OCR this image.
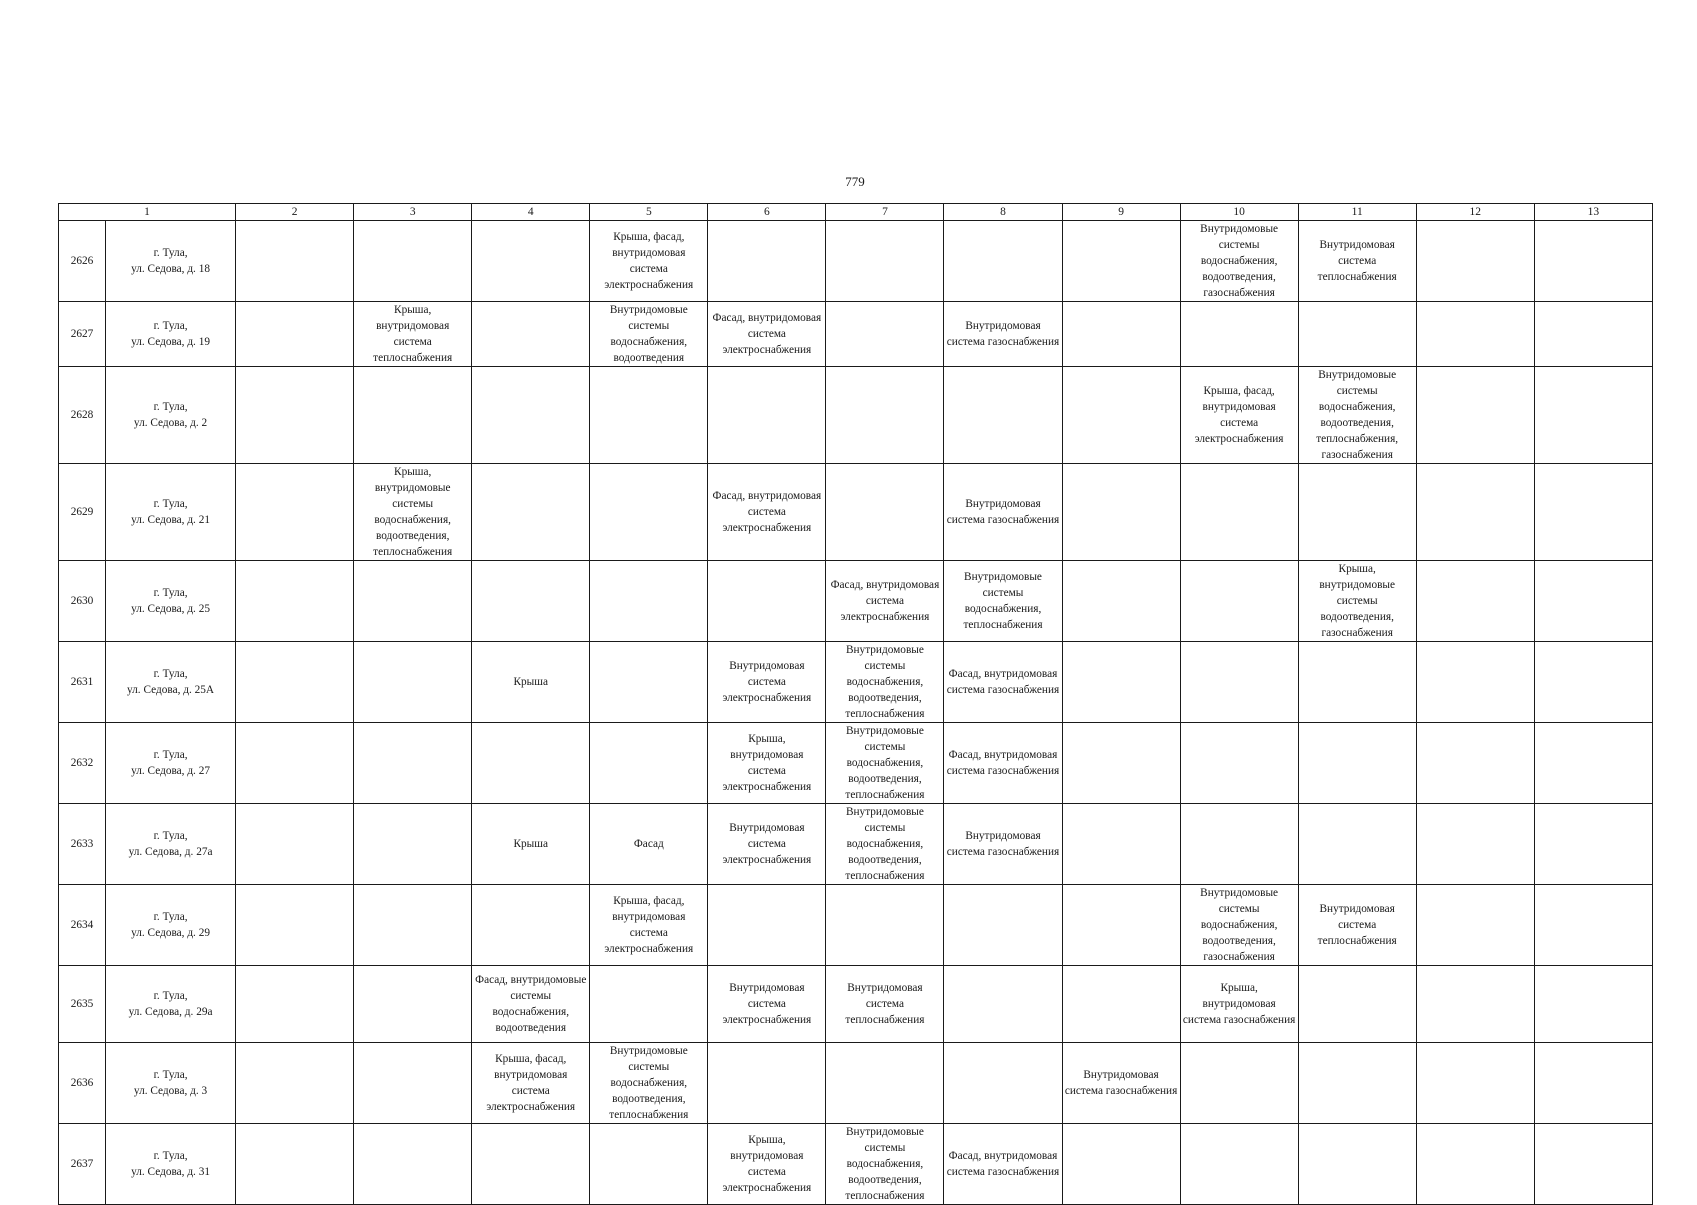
779
1		2	3	4	5	6	7	8	9	10	11	12	13
2626	г. Тула,
ул. Седова, д. 18				Крыша, фасад, внутридомовая система электроснабжения					Внутридомовые системы водоснабжения, водоотведения, газоснабжения	Внутридомовая система теплоснабжения		
2627	г. Тула,
ул. Седова, д. 19		Крыша, внутридомовая система теплоснабжения		Внутридомовые системы водоснабжения, водоотведения	Фасад, внутридомовая система электроснабжения		Внутридомовая система газоснабжения					
2628	г. Тула,
ул. Седова, д. 2									Крыша, фасад, внутридомовая система электроснабжения	Внутридомовые системы водоснабжения, водоотведения, теплоснабжения, газоснабжения		
2629	г. Тула,
ул. Седова, д. 21		Крыша, внутридомовые системы водоснабжения, водоотведения, теплоснабжения			Фасад, внутридомовая система электроснабжения		Внутридомовая система газоснабжения					
2630	г. Тула,
ул. Седова, д. 25						Фасад, внутридомовая система электроснабжения	Внутридомовые системы водоснабжения, теплоснабжения			Крыша, внутридомовые системы водоотведения, газоснабжения		
2631	г. Тула,
ул. Седова, д. 25А			Крыша		Внутридомовая система электроснабжения	Внутридомовые системы водоснабжения, водоотведения, теплоснабжения	Фасад, внутридомовая система газоснабжения					
2632	г. Тула,
ул. Седова, д. 27					Крыша, внутридомовая система электроснабжения	Внутридомовые системы водоснабжения, водоотведения, теплоснабжения	Фасад, внутридомовая система газоснабжения					
2633	г. Тула,
ул. Седова, д. 27а			Крыша	Фасад	Внутридомовая система электроснабжения	Внутридомовые системы водоснабжения, водоотведения, теплоснабжения	Внутридомовая система газоснабжения					
2634	г. Тула,
ул. Седова, д. 29				Крыша, фасад, внутридомовая система электроснабжения					Внутридомовые системы водоснабжения, водоотведения, газоснабжения	Внутридомовая система теплоснабжения		
2635	г. Тула,
ул. Седова, д. 29а			Фасад, внутридомовые системы водоснабжения, водоотведения		Внутридомовая система электроснабжения	Внутридомовая система теплоснабжения			Крыша, внутридомовая система газоснабжения			
2636	г. Тула,
ул. Седова, д. 3			Крыша, фасад, внутридомовая система электроснабжения	Внутридомовые системы водоснабжения, водоотведения, теплоснабжения				Внутридомовая система газоснабжения				
2637	г. Тула,
ул. Седова, д. 31					Крыша, внутридомовая система электроснабжения	Внутридомовые системы водоснабжения, водоотведения, теплоснабжения	Фасад, внутридомовая система газоснабжения					
